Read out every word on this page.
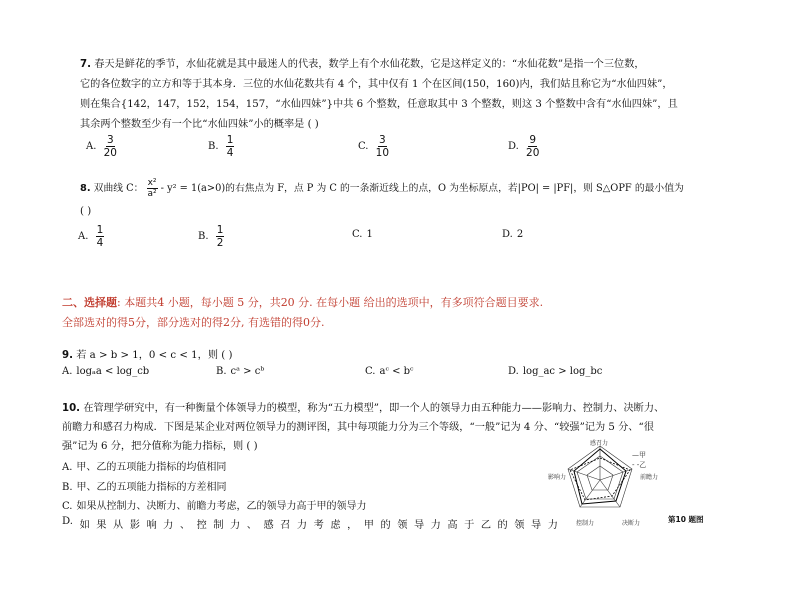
7. 春天是鲜花的季节，水仙花就是其中最迷人的代表，数学上有个水仙花数，它是这样定义的：“水仙花数”是指一个三位数，
它的各位数字的立方和等于其本身．三位的水仙花数共有 4 个，其中仅有 1 个在区间(150，160)内，我们姑且称它为“水仙四妹”，
则在集合{142，147，152，154，157，“水仙四妹”}中共 6 个整数，任意取其中 3 个整数，则这 3 个整数中含有“水仙四妹”，且
其余两个整数至少有一个比“水仙四妹”小的概率是 ( )
A. $\frac{3}{20}$	B. $\frac{1}{4}$	C. $\frac{3}{10}$	D. $\frac{9}{20}$
8. 双曲线 C： $\frac{\text{x²}}{\text{a²}} - y^2 = 1(a>0)$的右焦点为 F，点 P 为 C 的一条渐近线上的点，O 为坐标原点，若|PO| = |PF|，则 S△OPF 的最小值为
( )
A. $\frac{1}{4}$	B. $\frac{1}{2}$	C. 1	D. 2
二、选择题: 本题共4 小题，每小题 5 分，共20 分. 在每小题 给出的选项中，有多项符合题目要求.
全部选对的得5分，部分选对的得2分, 有选错的得0分.
9. 若 a > b > 1，0 < c < 1，则 ( )
A. logₐa < log_cb	B. cᵃ > cᵇ	C. aᶜ < bᶜ	D. log_ac > log_bc
10. 在管理学研究中，有一种衡量个体领导力的模型，称为“五力模型”，即一个人的领导力由五种能力——影响力、控制力、决断力、
前瞻力和感召力构成．下图是某企业对两位领导力的测评图，其中每项能力分为三个等级，“一般”记为 4 分、“较强”记为 5 分、“很
强”记为 6 分，把分值称为能力指标，则 ( )
A. 甲、乙的五项能力指标的均值相同
B. 甲、乙的五项能力指标的方差相同
C. 如果从控制力、决断力、前瞻力考虑，乙的领导力高于甲的领导力
D. 如 果 从 影 响 力 、 控 制 力 、 感 召 力 考 虑 ， 甲 的 领 导 力 高 于 乙 的 领 导 力
感召力
前瞻力
决断力
控制力
影响力
—甲
- -乙
第10 题图
